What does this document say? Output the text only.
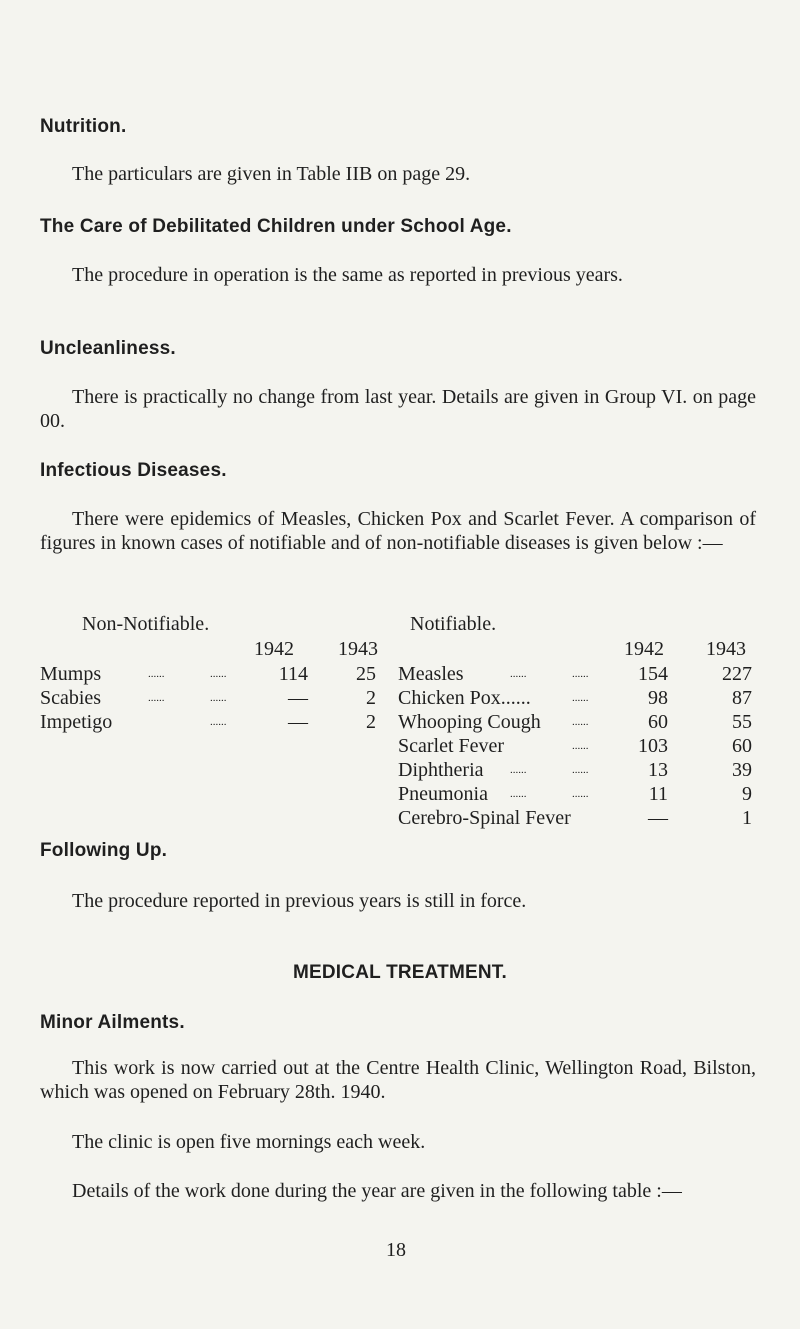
Nutrition.
The particulars are given in Table IIB on page 29.
The Care of Debilitated Children under School Age.
The procedure in operation is the same as reported in previous years.
Uncleanliness.
There is practically no change from last year. Details are given in Group VI. on page 00.
Infectious Diseases.
There were epidemics of Measles, Chicken Pox and Scarlet Fever. A comparison of figures in known cases of notifiable and of non-notifiable diseases is given below :—
Non-Notifiable.
1942 1943
Mumps	......	......	114	25
Scabies	......	......	—	2
Impetigo	......	—	2
Notifiable.
1942 1943
Measles	......	......	154	227
Chicken Pox......	......	98	87
Whooping Cough	......	60	55
Scarlet Fever	......	103	60
Diphtheria ......	......	13	39
Pneumonia ......	......	11	9
Cerebro-Spinal Fever	—	1
Following Up.
The procedure reported in previous years is still in force.
MEDICAL TREATMENT.
Minor Ailments.
This work is now carried out at the Centre Health Clinic, Wellington Road, Bilston, which was opened on February 28th. 1940.
The clinic is open five mornings each week.
Details of the work done during the year are given in the following table :—
18
